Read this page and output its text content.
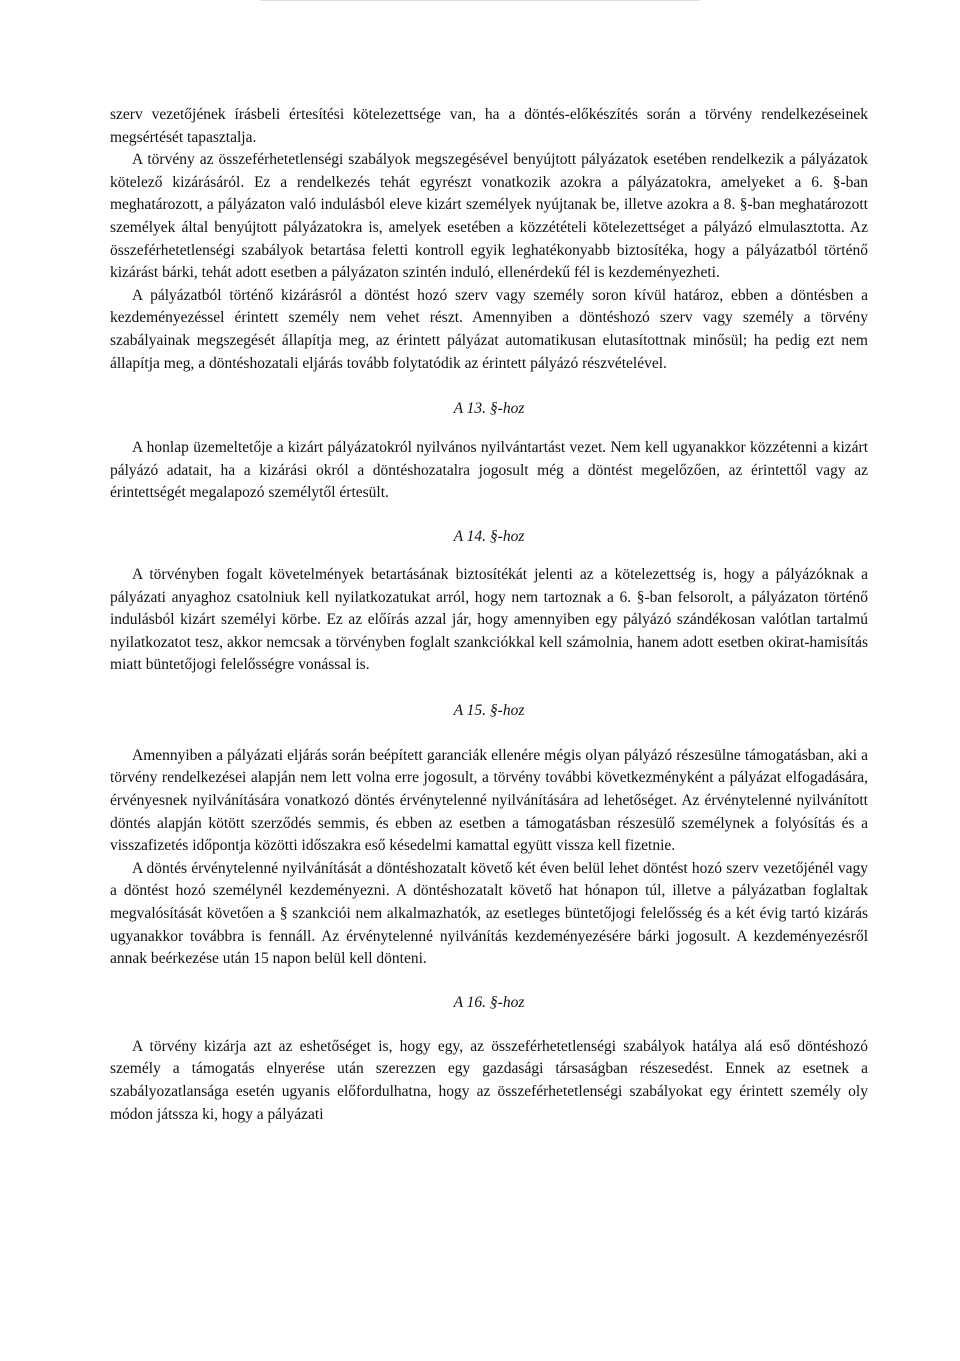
szerv vezetőjének írásbeli értesítési kötelezettsége van, ha a döntés-előkészítés során a törvény rendelkezéseinek megsértését tapasztalja.

A törvény az összeférhetetlenségi szabályok megszegésével benyújtott pályázatok esetében rendelkezik a pályázatok kötelező kizárásáról. Ez a rendelkezés tehát egyrészt vonatkozik azokra a pályázatokra, amelyeket a 6. §-ban meghatározott, a pályázaton való indulásból eleve kizárt személyek nyújtanak be, illetve azokra a 8. §-ban meghatározott személyek által benyújtott pályázatokra is, amelyek esetében a közzétételi kötelezettséget a pályázó elmulasztotta. Az összeférhetetlenségi szabályok betartása feletti kontroll egyik leghatékonyabb biztosítéka, hogy a pályázatból történő kizárást bárki, tehát adott esetben a pályázaton szintén induló, ellenérdekű fél is kezdeményezheti.

A pályázatból történő kizárásról a döntést hozó szerv vagy személy soron kívül határoz, ebben a döntésben a kezdeményezéssel érintett személy nem vehet részt. Amennyiben a döntéshozó szerv vagy személy a törvény szabályainak megszegését állapítja meg, az érintett pályázat automatikusan elutasítottnak minősül; ha pedig ezt nem állapítja meg, a döntéshozatali eljárás tovább folytatódik az érintett pályázó részvételével.

A 13. §-hoz

A honlap üzemeltetője a kizárt pályázatokról nyilvános nyilvántartást vezet. Nem kell ugyanakkor közzétenni a kizárt pályázó adatait, ha a kizárási okról a döntéshozatalra jogosult még a döntést megelőzően, az érintettől vagy az érintettségét megalapozó személytől értesült.

A 14. §-hoz

A törvényben fogalt követelmények betartásának biztosítékát jelenti az a kötelezettség is, hogy a pályázóknak a pályázati anyaghoz csatolniuk kell nyilatkozatukat arról, hogy nem tartoznak a 6. §-ban felsorolt, a pályázaton történő indulásból kizárt személyi körbe. Ez az előírás azzal jár, hogy amennyiben egy pályázó szándékosan valótlan tartalmú nyilatkozatot tesz, akkor nemcsak a törvényben foglalt szankciókkal kell számolnia, hanem adott esetben okirat-hamisítás miatt büntetőjogi felelősségre vonással is.

A 15. §-hoz

Amennyiben a pályázati eljárás során beépített garanciák ellenére mégis olyan pályázó részesülne támogatásban, aki a törvény rendelkezései alapján nem lett volna erre jogosult, a törvény további következményként a pályázat elfogadására, érvényesnek nyilvánítására vonatkozó döntés érvénytelenné nyilvánítására ad lehetőséget. Az érvénytelenné nyilvánított döntés alapján kötött szerződés semmis, és ebben az esetben a támogatásban részesülő személynek a folyósítás és a visszafizetés időpontja közötti időszakra eső késedelmi kamattal együtt vissza kell fizetnie.

A döntés érvénytelenné nyilvánítását a döntéshozatalt követő két éven belül lehet döntést hozó szerv vezetőjénél vagy a döntést hozó személynél kezdeményezni. A döntéshozatalt követő hat hónapon túl, illetve a pályázatban foglaltak megvalósítását követően a § szankciói nem alkalmazhatók, az esetleges büntetőjogi felelősség és a két évig tartó kizárás ugyanakkor továbbra is fennáll. Az érvénytelenné nyilvánítás kezdeményezésére bárki jogosult. A kezdeményezésről annak beérkezése után 15 napon belül kell dönteni.

A 16. §-hoz

A törvény kizárja azt az eshetőséget is, hogy egy, az összeférhetetlenségi szabályok hatálya alá eső döntéshozó személy a támogatás elnyerése után szerezzen egy gazdasági társaságban részesedést. Ennek az esetnek a szabályozatlansága esetén ugyanis előfordulhatna, hogy az összeférhetetlenségi szabályokat egy érintett személy oly módon játssza ki, hogy a pályázati
